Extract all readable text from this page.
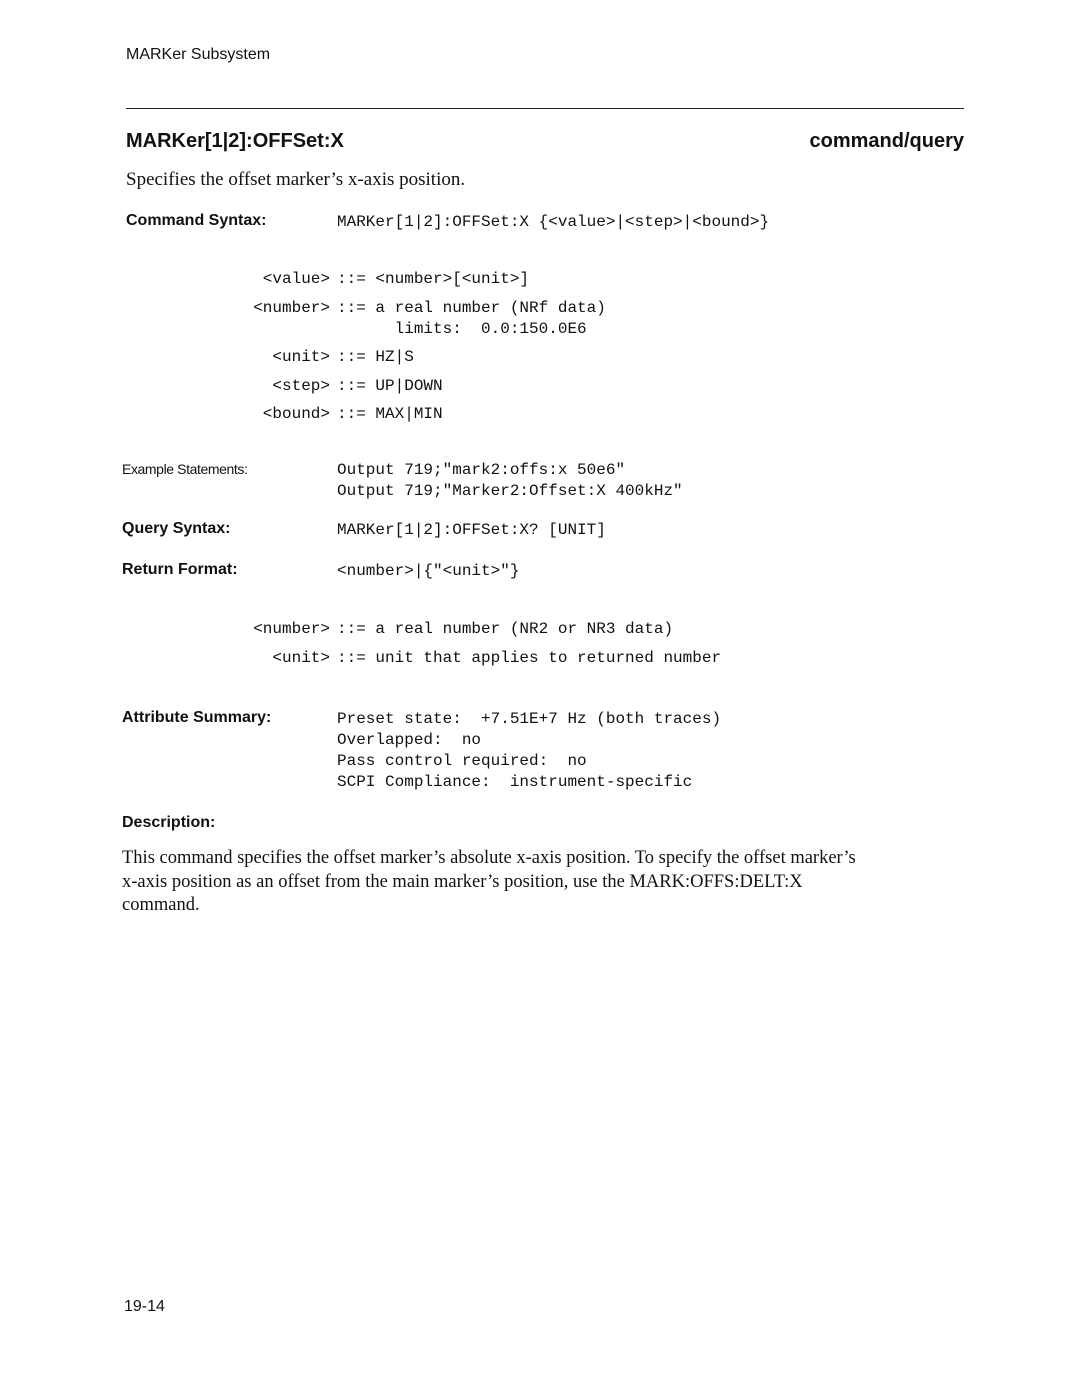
MARKer Subsystem
MARKer[1|2]:OFFSet:X	command/query
Specifies the offset marker’s x-axis position.
Command Syntax:	MARKer[1|2]:OFFSet:X {<value>|<step>|<bound>}
<value> ::= <number>[<unit>]
<number> ::= a real number (NRf data)
limits:  0.0:150.0E6
<unit> ::= HZ|S
<step> ::= UP|DOWN
<bound> ::= MAX|MIN
Example Statements:	Output 719;"mark2:offs:x 50e6"
Output 719;"Marker2:Offset:X 400kHz"
Query Syntax:	MARKer[1|2]:OFFSet:X? [UNIT]
Return Format:	<number>|{"<unit>"}
<number> ::= a real number (NR2 or NR3 data)
<unit> ::= unit that applies to returned number
Attribute Summary:	Preset state:  +7.51E+7 Hz (both traces)
Overlapped:  no
Pass control required:  no
SCPI Compliance:  instrument-specific
Description:
This command specifies the offset marker’s absolute x-axis position. To specify the offset marker’s
x-axis position as an offset from the main marker’s position, use the MARK:OFFS:DELT:X
command.
19-14
